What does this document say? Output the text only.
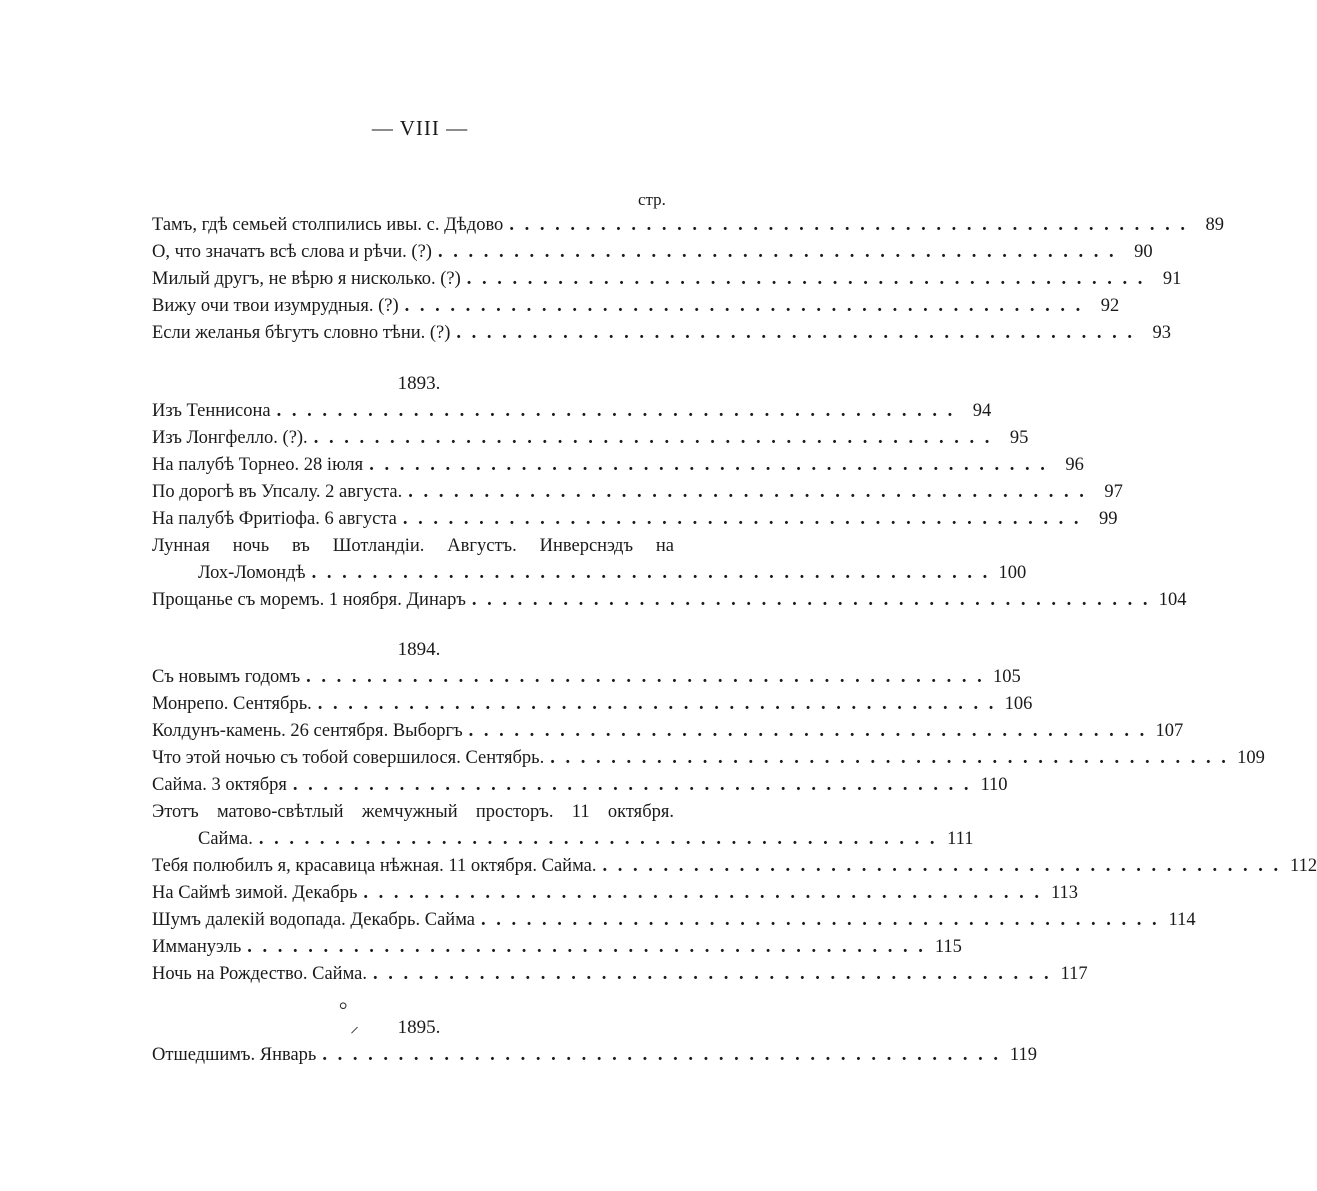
— VIII —
стр.
Тамъ, гдѣ семьей столпились ивы. с. Дѣдово . . . . . . . . . . . . . . . . . . . . . . . . . . . . . . . . . . . . . . . . . . . . . 89
О, что значатъ всѣ слова и рѣчи. (?) . . . . . . . . . . . . . . . . . . . . . . . . . . . . . . . . . . . . . . . . . . . . . 90
Милый другъ, не вѣрю я нисколько. (?) . . . . . . . . . . . . . . . . . . . . . . . . . . . . . . . . . . . . . . . . . . . . . 91
Вижу очи твои изумрудныя. (?) . . . . . . . . . . . . . . . . . . . . . . . . . . . . . . . . . . . . . . . . . . . . . 92
Если желанья бѣгутъ словно тѣни. (?) . . . . . . . . . . . . . . . . . . . . . . . . . . . . . . . . . . . . . . . . . . . . . 93
1893.
Изъ Теннисона . . . . . . . . . . . . . . . . . . . . . . . . . . . . . . . . . . . . . . . . . . . . . 94
Изъ Лонгфелло. (?). . . . . . . . . . . . . . . . . . . . . . . . . . . . . . . . . . . . . . . . . . . . . . 95
На палубѣ Торнео. 28 іюля . . . . . . . . . . . . . . . . . . . . . . . . . . . . . . . . . . . . . . . . . . . . . 96
По дорогѣ въ Упсалу. 2 августа. . . . . . . . . . . . . . . . . . . . . . . . . . . . . . . . . . . . . . . . . . . . . . 97
На палубѣ Фритіофа. 6 августа . . . . . . . . . . . . . . . . . . . . . . . . . . . . . . . . . . . . . . . . . . . . . 99
Лунная ночь въ Шотландіи. Августъ. Инверснэдъ на
Лох-Ломондѣ . . . . . . . . . . . . . . . . . . . . . . . . . . . . . . . . . . . . . . . . . . . . . 100
Прощанье съ моремъ. 1 ноября. Динаръ . . . . . . . . . . . . . . . . . . . . . . . . . . . . . . . . . . . . . . . . . . . . . 104
1894.
Съ новымъ годомъ . . . . . . . . . . . . . . . . . . . . . . . . . . . . . . . . . . . . . . . . . . . . . 105
Монрепо. Сентябрь. . . . . . . . . . . . . . . . . . . . . . . . . . . . . . . . . . . . . . . . . . . . . . 106
Колдунъ-камень. 26 сентября. Выборгъ . . . . . . . . . . . . . . . . . . . . . . . . . . . . . . . . . . . . . . . . . . . . . 107
Что этой ночью съ тобой совершилося. Сентябрь. . . . . . . . . . . . . . . . . . . . . . . . . . . . . . . . . . . . . . . . . . . . . . 109
Сайма. 3 октября . . . . . . . . . . . . . . . . . . . . . . . . . . . . . . . . . . . . . . . . . . . . . 110
Этотъ матово-свѣтлый жемчужный просторъ. 11 октября.
Сайма. . . . . . . . . . . . . . . . . . . . . . . . . . . . . . . . . . . . . . . . . . . . . . 111
Тебя полюбилъ я, красавица нѣжная. 11 октября. Сайма. . . . . . . . . . . . . . . . . . . . . . . . . . . . . . . . . . . . . . . . . . . . . . 112
На Саймѣ зимой. Декабрь . . . . . . . . . . . . . . . . . . . . . . . . . . . . . . . . . . . . . . . . . . . . . 113
Шумъ далекій водопада. Декабрь. Сайма . . . . . . . . . . . . . . . . . . . . . . . . . . . . . . . . . . . . . . . . . . . . . 114
Иммануэль . . . . . . . . . . . . . . . . . . . . . . . . . . . . . . . . . . . . . . . . . . . . . 115
Ночь на Рождество. Сайма. . . . . . . . . . . . . . . . . . . . . . . . . . . . . . . . . . . . . . . . . . . . . . 117
⸰
⸝	1895.
Отшедшимъ. Январь . . . . . . . . . . . . . . . . . . . . . . . . . . . . . . . . . . . . . . . . . . . . . 119
